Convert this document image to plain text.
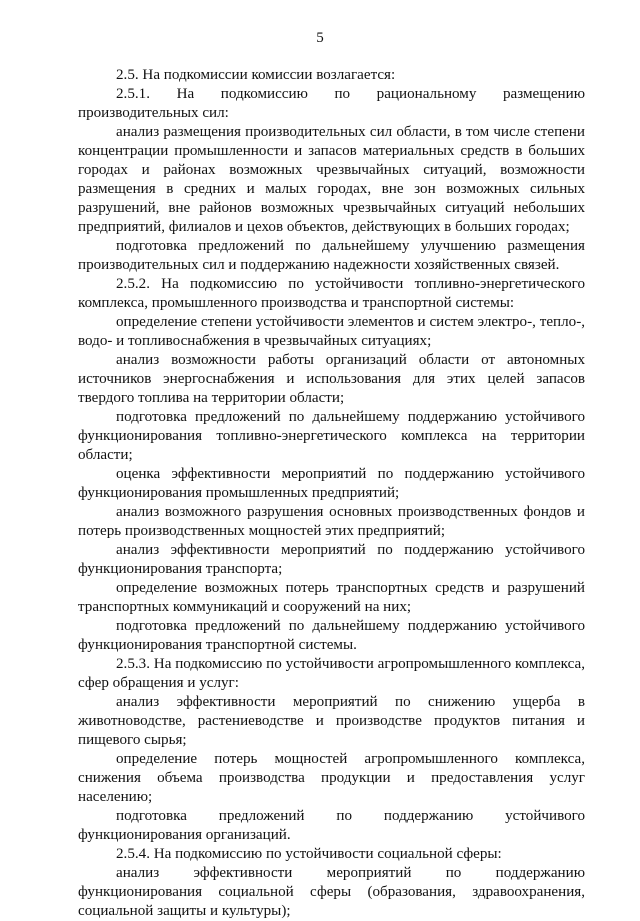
5

2.5. На подкомиссии комиссии возлагается:

2.5.1. На подкомиссию по рациональному размещению производительных сил:

анализ размещения производительных сил области, в том числе степени концентрации промышленности и запасов материальных средств в больших городах и районах возможных чрезвычайных ситуаций, возможности размещения в средних и малых городах, вне зон возможных сильных разрушений, вне районов возможных чрезвычайных ситуаций небольших предприятий, филиалов и цехов объектов, действующих в больших городах;

подготовка предложений по дальнейшему улучшению размещения производительных сил и поддержанию надежности хозяйственных связей.

2.5.2. На подкомиссию по устойчивости топливно-энергетического комплекса, промышленного производства и транспортной системы:

определение степени устойчивости элементов и систем электро-, тепло-, водо- и топливоснабжения в чрезвычайных ситуациях;

анализ возможности работы организаций области от автономных источников энергоснабжения и использования для этих целей запасов твердого топлива на территории области;

подготовка предложений по дальнейшему поддержанию устойчивого функционирования топливно-энергетического комплекса на территории области;

оценка эффективности мероприятий по поддержанию устойчивого функционирования промышленных предприятий;

анализ возможного разрушения основных производственных фондов и потерь производственных мощностей этих предприятий;

анализ эффективности мероприятий по поддержанию устойчивого функционирования транспорта;

определение возможных потерь транспортных средств и разрушений транспортных коммуникаций и сооружений на них;

подготовка предложений по дальнейшему поддержанию устойчивого функционирования транспортной системы.

2.5.3. На подкомиссию по устойчивости агропромышленного комплекса, сфер обращения и услуг:

анализ эффективности мероприятий по снижению ущерба в животноводстве, растениеводстве и производстве продуктов питания и пищевого сырья;

определение потерь мощностей агропромышленного комплекса, снижения объема производства продукции и предоставления услуг населению;

подготовка предложений по поддержанию устойчивого функционирования организаций.

2.5.4. На подкомиссию по устойчивости социальной сферы:

анализ эффективности мероприятий по поддержанию функционирования социальной сферы (образования, здравоохранения, социальной защиты и культуры);
